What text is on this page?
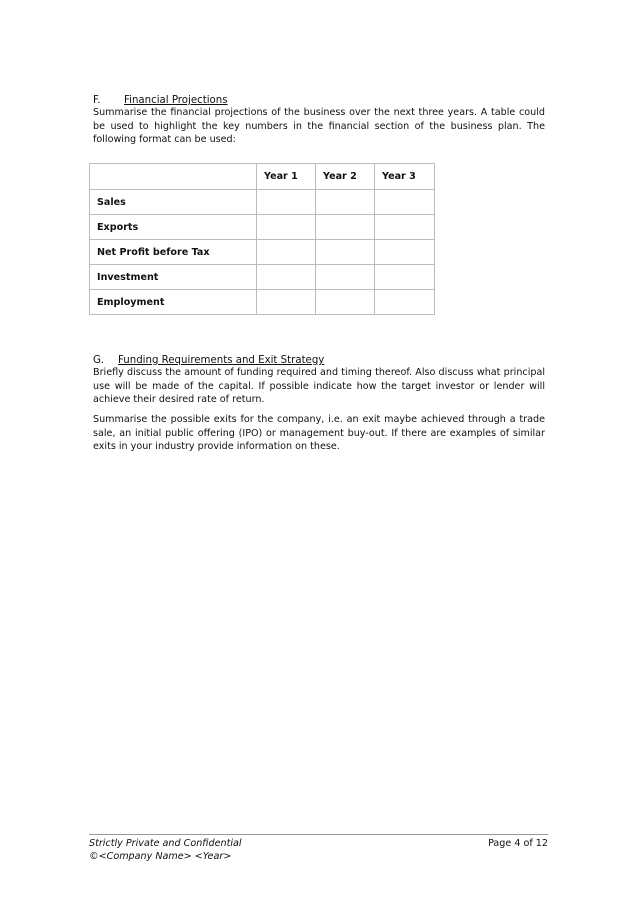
F. Financial Projections

Summarise the financial projections of the business over the next three years. A table could be used to highlight the key numbers in the financial section of the business plan. The following format can be used:

	Year 1	Year 2	Year 3
Sales			
Exports			
Net Profit before Tax			
Investment			
Employment			
G. Funding Requirements and Exit Strategy

Briefly discuss the amount of funding required and timing thereof. Also discuss what principal use will be made of the capital. If possible indicate how the target investor or lender will achieve their desired rate of return.

Summarise the possible exits for the company, i.e. an exit maybe achieved through a trade sale, an initial public offering (IPO) or management buy-out. If there are examples of similar exits in your industry provide information on these.

Strictly Private and Confidential
©<Company Name> <Year>
Page 4 of 12
